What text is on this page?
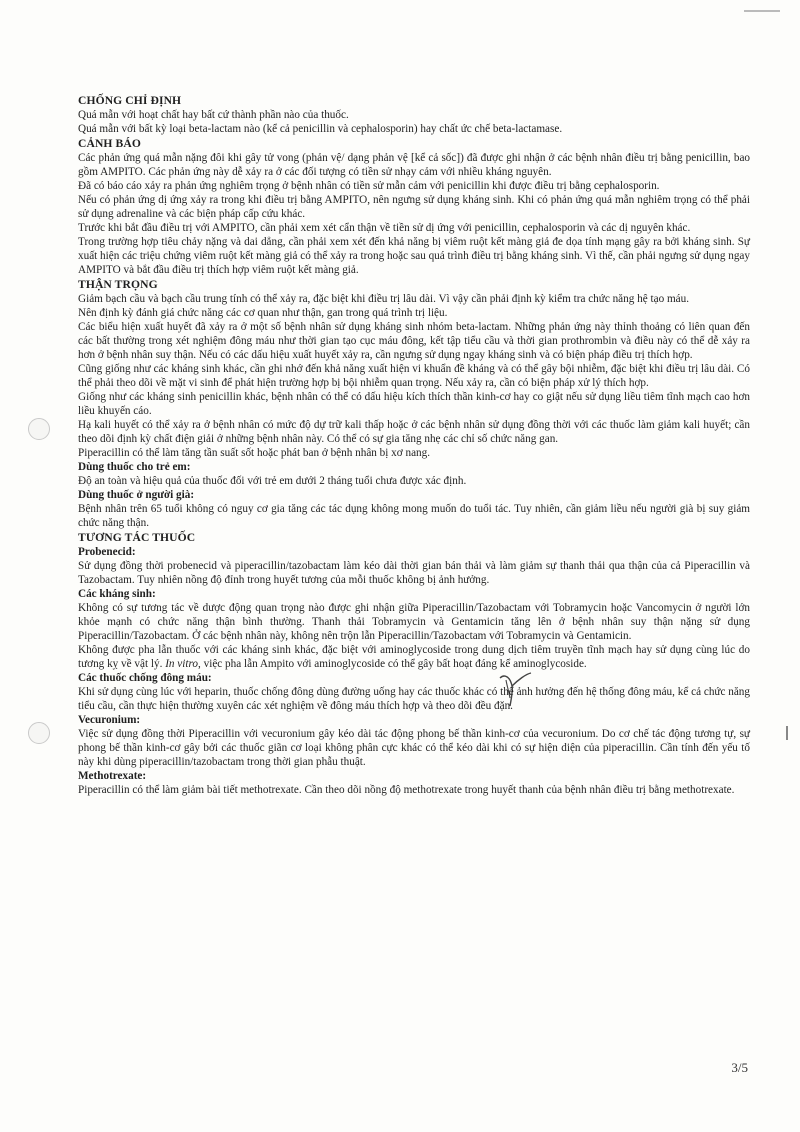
CHỐNG CHỈ ĐỊNH

Quá mẫn với hoạt chất hay bất cứ thành phần nào của thuốc.

Quá mẫn với bất kỳ loại beta-lactam nào (kể cả penicillin và cephalosporin) hay chất ức chế beta-lactamase.

CẢNH BÁO

Các phản ứng quá mẫn nặng đôi khi gây tử vong (phản vệ/ dạng phản vệ [kể cả sốc]) đã được ghi nhận ở các bệnh nhân điều trị bằng penicillin, bao gồm AMPITO. Các phản ứng này dễ xảy ra ở các đối tượng có tiền sử nhạy cảm với nhiều kháng nguyên.

Đã có báo cáo xảy ra phản ứng nghiêm trọng ở bệnh nhân có tiền sử mẫn cảm với penicillin khi được điều trị bằng cephalosporin.

Nếu có phản ứng dị ứng xảy ra trong khi điều trị bằng AMPITO, nên ngưng sử dụng kháng sinh. Khi có phản ứng quá mẫn nghiêm trọng có thể phải sử dụng adrenaline và các biện pháp cấp cứu khác.

Trước khi bắt đầu điều trị với AMPITO, cần phải xem xét cẩn thận về tiền sử dị ứng với penicillin, cephalosporin và các dị nguyên khác.

Trong trường hợp tiêu chảy nặng và dai dẳng, cần phải xem xét đến khả năng bị viêm ruột kết màng giả đe dọa tính mạng gây ra bởi kháng sinh. Sự xuất hiện các triệu chứng viêm ruột kết màng giả có thể xảy ra trong hoặc sau quá trình điều trị bằng kháng sinh. Vì thế, cần phải ngưng sử dụng ngay AMPITO và bắt đầu điều trị thích hợp viêm ruột kết màng giả.

THẬN TRỌNG

Giảm bạch cầu và bạch cầu trung tính có thể xảy ra, đặc biệt khi điều trị lâu dài. Vì vậy cần phải định kỳ kiểm tra chức năng hệ tạo máu.

Nên định kỳ đánh giá chức năng các cơ quan như thận, gan trong quá trình trị liệu.

Các biểu hiện xuất huyết đã xảy ra ở một số bệnh nhân sử dụng kháng sinh nhóm beta-lactam. Những phản ứng này thỉnh thoảng có liên quan đến các bất thường trong xét nghiệm đông máu như thời gian tạo cục máu đông, kết tập tiểu cầu và thời gian prothrombin và điều này có thể dễ xảy ra hơn ở bệnh nhân suy thận. Nếu có các dấu hiệu xuất huyết xảy ra, cần ngưng sử dụng ngay kháng sinh và có biện pháp điều trị thích hợp.

Cũng giống như các kháng sinh khác, cần ghi nhớ đến khả năng xuất hiện vi khuẩn đề kháng và có thể gây bội nhiễm, đặc biệt khi điều trị lâu dài. Có thể phải theo dõi về mặt vi sinh để phát hiện trường hợp bị bội nhiễm quan trọng. Nếu xảy ra, cần có biện pháp xử lý thích hợp.

Giống như các kháng sinh penicillin khác, bệnh nhân có thể có dấu hiệu kích thích thần kinh-cơ hay co giật nếu sử dụng liều tiêm tĩnh mạch cao hơn liều khuyến cáo.

Hạ kali huyết có thể xảy ra ở bệnh nhân có mức độ dự trữ kali thấp hoặc ở các bệnh nhân sử dụng đồng thời với các thuốc làm giảm kali huyết; cần theo dõi định kỳ chất điện giải ở những bệnh nhân này. Có thể có sự gia tăng nhẹ các chỉ số chức năng gan.

Piperacillin có thể làm tăng tần suất sốt hoặc phát ban ở bệnh nhân bị xơ nang.

Dùng thuốc cho trẻ em:

Độ an toàn và hiệu quả của thuốc đối với trẻ em dưới 2 tháng tuổi chưa được xác định.

Dùng thuốc ở người già:

Bệnh nhân trên 65 tuổi không có nguy cơ gia tăng các tác dụng không mong muốn do tuổi tác. Tuy nhiên, cần giảm liều nếu người già bị suy giảm chức năng thận.

TƯƠNG TÁC THUỐC
Probenecid:

Sử dụng đồng thời probenecid và piperacillin/tazobactam làm kéo dài thời gian bán thải và làm giảm sự thanh thải qua thận của cả Piperacillin và Tazobactam. Tuy nhiên nồng độ đỉnh trong huyết tương của mỗi thuốc không bị ảnh hưởng.

Các kháng sinh:

Không có sự tương tác về dược động quan trọng nào được ghi nhận giữa Piperacillin/Tazobactam với Tobramycin hoặc Vancomycin ở người lớn khỏe mạnh có chức năng thận bình thường. Thanh thải Tobramycin và Gentamicin tăng lên ở bệnh nhân suy thận nặng sử dụng Piperacillin/Tazobactam. Ở các bệnh nhân này, không nên trộn lẫn Piperacillin/Tazobactam với Tobramycin và Gentamicin.

Không được pha lẫn thuốc với các kháng sinh khác, đặc biệt với aminoglycoside trong dung dịch tiêm truyền tĩnh mạch hay sử dụng cùng lúc do tương kỵ về vật lý. In vitro, việc pha lẫn Ampito với aminoglycoside có thể gây bất hoạt đáng kể aminoglycoside.

Các thuốc chống đông máu:

Khi sử dụng cùng lúc với heparin, thuốc chống đông dùng đường uống hay các thuốc khác có thể ảnh hưởng đến hệ thống đông máu, kể cả chức năng tiểu cầu, cần thực hiện thường xuyên các xét nghiệm về đông máu thích hợp và theo dõi đều đặn.

Vecuronium:

Việc sử dụng đồng thời Piperacillin với vecuronium gây kéo dài tác động phong bế thần kinh-cơ của vecuronium. Do cơ chế tác động tương tự, sự phong bế thần kinh-cơ gây bởi các thuốc giãn cơ loại không phân cực khác có thể kéo dài khi có sự hiện diện của piperacillin. Cần tính đến yếu tố này khi dùng piperacillin/tazobactam trong thời gian phẫu thuật.

Methotrexate:

Piperacillin có thể làm giảm bài tiết methotrexate. Cần theo dõi nồng độ methotrexate trong huyết thanh của bệnh nhân điều trị bằng methotrexate.

3/5
